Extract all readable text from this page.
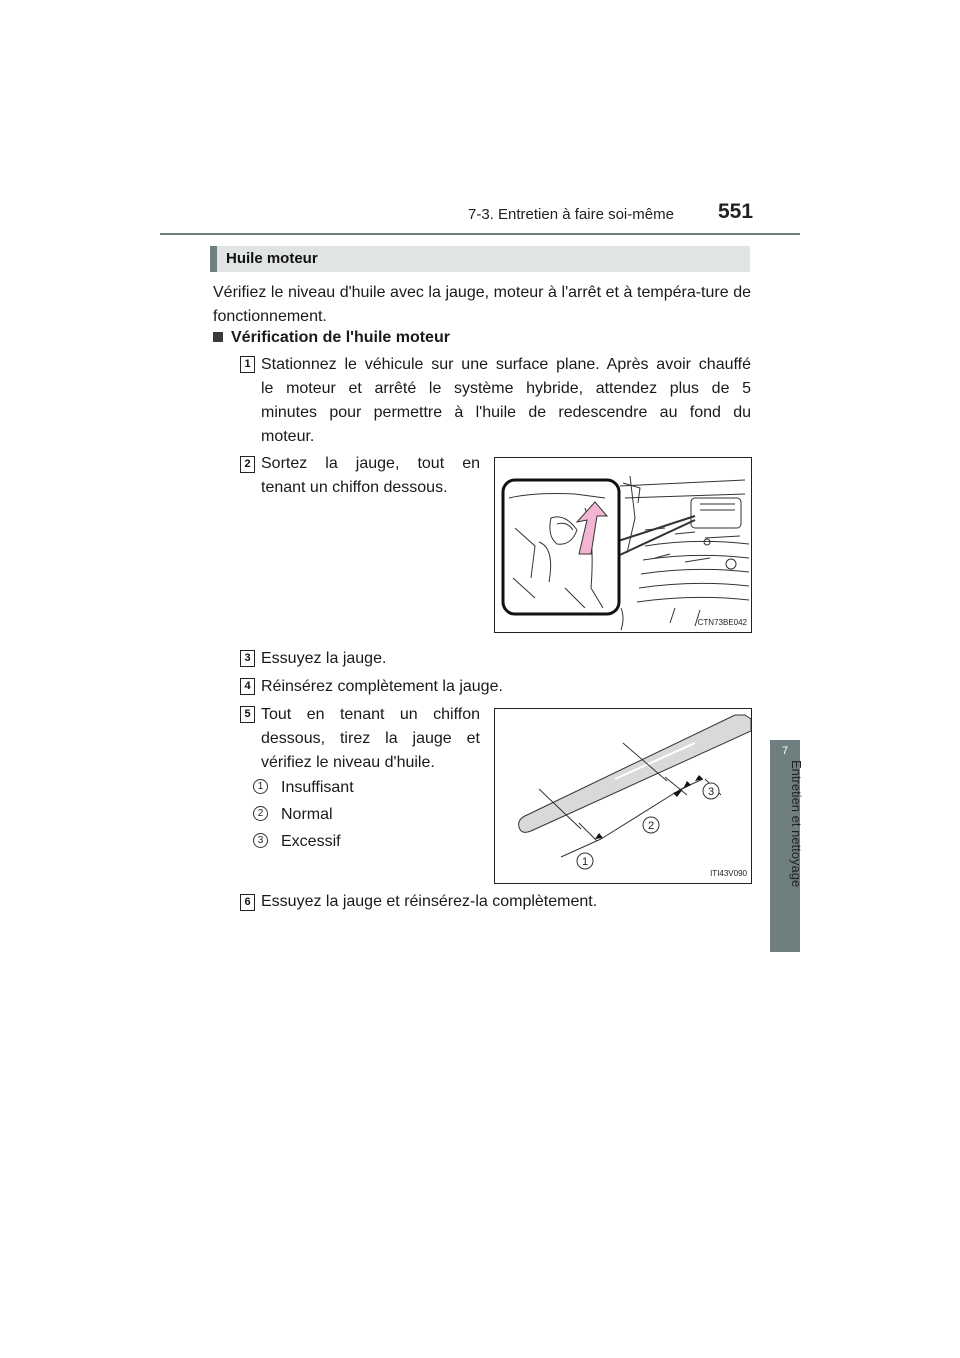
7-3. Entretien à faire soi-même 551
7
Entretien et nettoyage
Huile moteur
Vérifiez le niveau d'huile avec la jauge, moteur à l'arrêt et à tempéra-ture de fonctionnement.
Vérification de l'huile moteur
1 Stationnez le véhicule sur une surface plane. Après avoir chauffé
le moteur et arrêté le système hybride, attendez plus de 5
minutes pour permettre à l'huile de redescendre au fond du
moteur.
2 Sortez la jauge, tout en
tenant un chiffon dessous.
CTN73BE042
3 Essuyez la jauge.
4 Réinsérez complètement la jauge.
5 Tout en tenant un chiffon
dessous, tirez la jauge et
vérifiez le niveau d'huile.
1 Insuffisant
2 Normal
3 Excessif
1
2
3
ITI43V090
6 Essuyez la jauge et réinsérez-la complètement.
